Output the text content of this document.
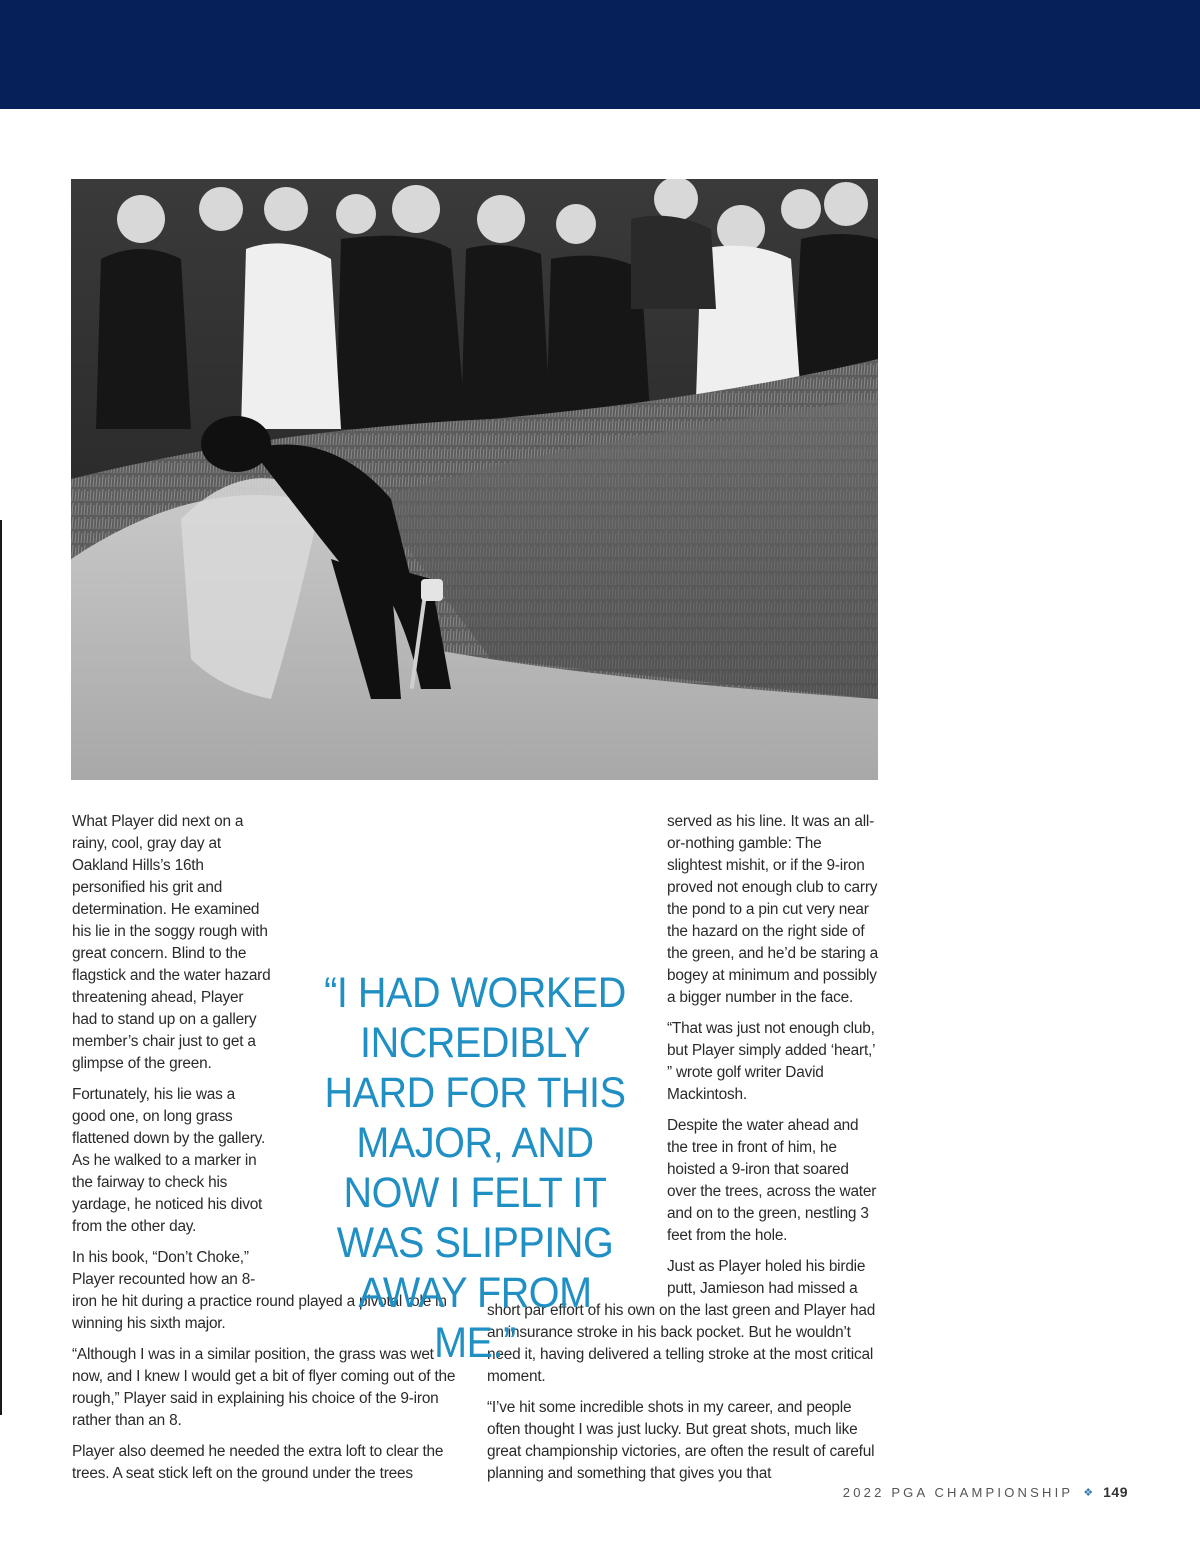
What Player did next on a rainy, cool, gray day at Oakland Hills’s 16th personified his grit and determination. He examined his lie in the soggy rough with great concern. Blind to the flagstick and the water hazard threatening ahead, Player had to stand up on a gallery member’s chair just to get a glimpse of the green.

Fortunately, his lie was a good one, on long grass flattened down by the gallery. As he walked to a marker in the fairway to check his yardage, he noticed his divot from the other day.

In his book, “Don’t Choke,” Player recounted how an 8-iron he hit during a practice round played a pivotal role in winning his sixth major.

“Although I was in a similar position, the grass was wet now, and I knew I would get a bit of flyer coming out of the rough,” Player said in explaining his choice of the 9-iron rather than an 8.

Player also deemed he needed the extra loft to clear the trees. A seat stick left on the ground under the trees

served as his line. It was an all-or-nothing gamble: The slightest mishit, or if the 9-iron proved not enough club to carry the pond to a pin cut very near the hazard on the right side of the green, and he’d be staring a bogey at minimum and possibly a bigger number in the face.

“That was just not enough club, but Player simply added ‘heart,’ ” wrote golf writer David Mackintosh.

Despite the water ahead and the tree in front of him, he hoisted a 9-iron that soared over the trees, across the water and on to the green, nestling 3 feet from the hole.

Just as Player holed his birdie putt, Jamieson had missed a short par effort of his own on the last green and Player had an insurance stroke in his back pocket. But he wouldn’t need it, having delivered a telling stroke at the most critical moment.

“I’ve hit some incredible shots in my career, and people often thought I was just lucky. But great shots, much like great championship victories, are often the result of careful planning and something that gives you that

“I HAD WORKED INCREDIBLY HARD FOR THIS MAJOR, AND NOW I FELT IT WAS SLIPPING AWAY FROM ME.”
2022 PGA CHAMPIONSHIP ❖ 149
